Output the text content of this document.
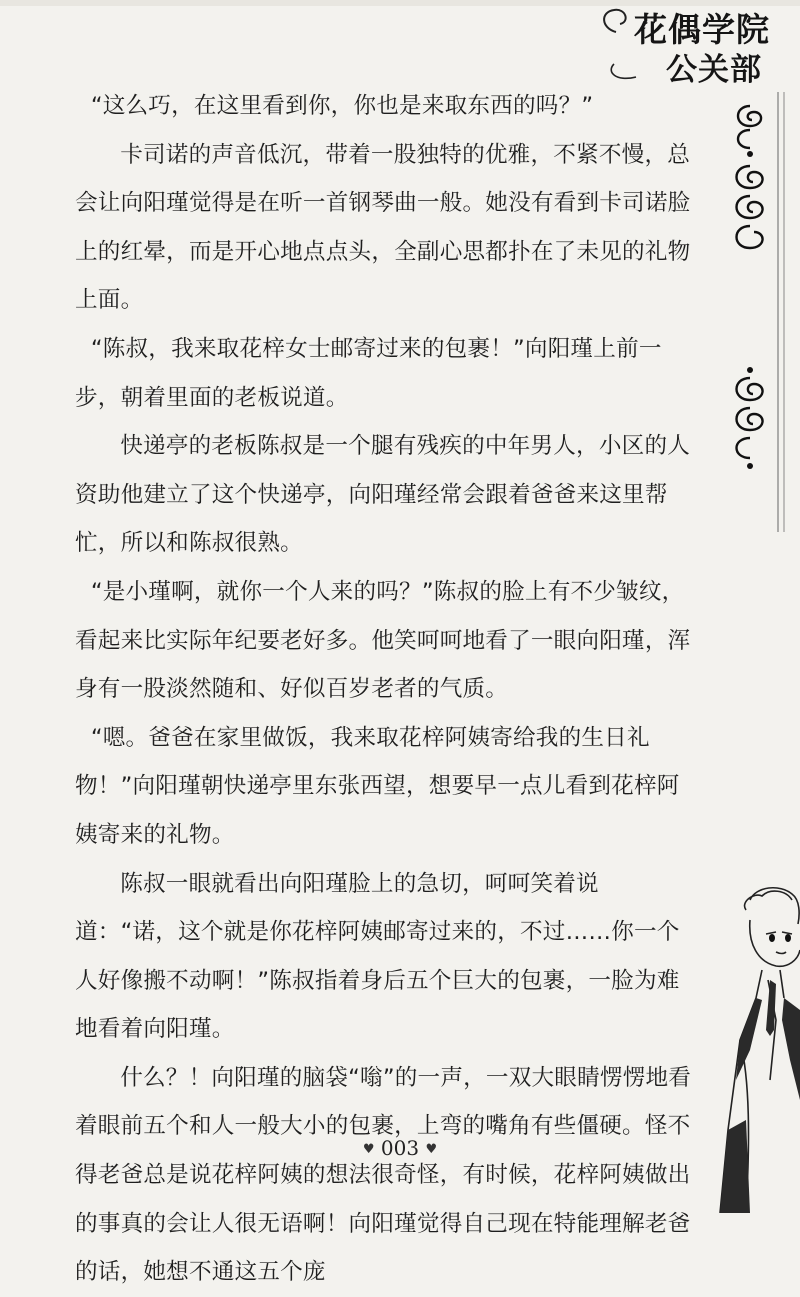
花偶学院
公关部

“这么巧，在这里看到你，你也是来取东西的吗？”

卡司诺的声音低沉，带着一股独特的优雅，不紧不慢，总会让向阳瑾觉得是在听一首钢琴曲一般。她没有看到卡司诺脸上的红晕，而是开心地点点头，全副心思都扑在了未见的礼物上面。

“陈叔，我来取花梓女士邮寄过来的包裹！”向阳瑾上前一步，朝着里面的老板说道。

快递亭的老板陈叔是一个腿有残疾的中年男人，小区的人资助他建立了这个快递亭，向阳瑾经常会跟着爸爸来这里帮忙，所以和陈叔很熟。

“是小瑾啊，就你一个人来的吗？”陈叔的脸上有不少皱纹，看起来比实际年纪要老好多。他笑呵呵地看了一眼向阳瑾，浑身有一股淡然随和、好似百岁老者的气质。

“嗯。爸爸在家里做饭，我来取花梓阿姨寄给我的生日礼物！”向阳瑾朝快递亭里东张西望，想要早一点儿看到花梓阿姨寄来的礼物。

陈叔一眼就看出向阳瑾脸上的急切，呵呵笑着说道：“诺，这个就是你花梓阿姨邮寄过来的，不过……你一个人好像搬不动啊！”陈叔指着身后五个巨大的包裹，一脸为难地看着向阳瑾。

什么？！向阳瑾的脑袋“嗡”的一声，一双大眼睛愣愣地看着眼前五个和人一般大小的包裹，上弯的嘴角有些僵硬。怪不得老爸总是说花梓阿姨的想法很奇怪，有时候，花梓阿姨做出的事真的会让人很无语啊！向阳瑾觉得自己现在特能理解老爸的话，她想不通这五个庞

♥ 003 ♥
